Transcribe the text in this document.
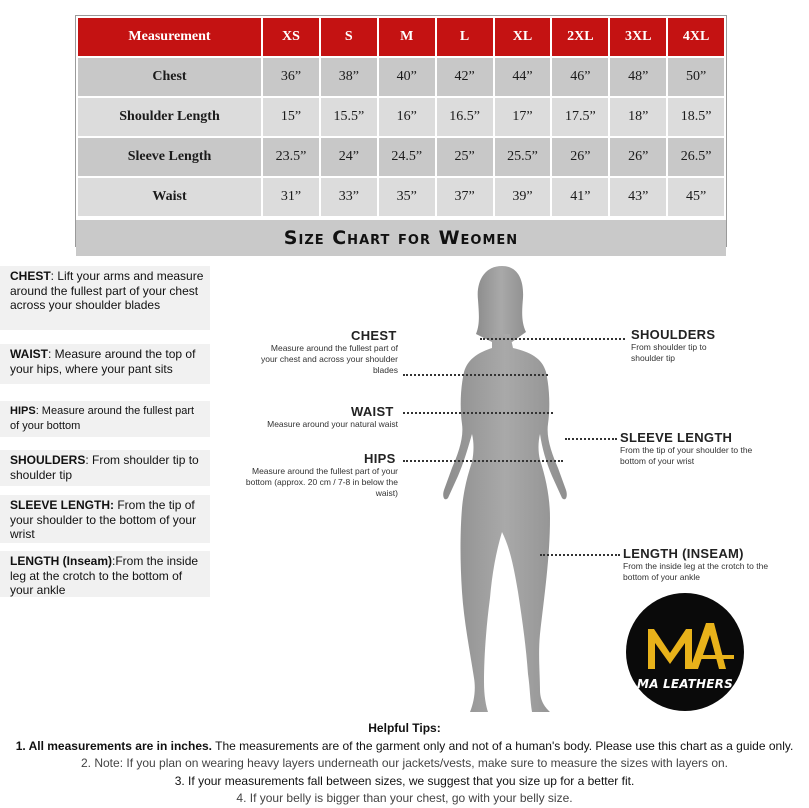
Measurement	XS	S	M	L	XL	2XL	3XL	4XL
Chest	36”	38”	40”	42”	44”	46”	48”	50”
Shoulder Length	15”	15.5”	16”	16.5”	17”	17.5”	18”	18.5”
Sleeve Length	23.5”	24”	24.5”	25”	25.5”	26”	26”	26.5”
Waist	31”	33”	35”	37”	39”	41”	43”	45”
Size Chart for Weomen
CHEST: Lift your arms and measure around the fullest part of your chest across your shoulder blades
WAIST: Measure around the top of your hips, where your pant sits
HIPS: Measure around the fullest part of your bottom
SHOULDERS: From shoulder tip to shoulder tip
SLEEVE LENGTH: From the tip of your shoulder to the bottom of your wrist
LENGTH (Inseam):From the inside leg at the crotch to the bottom of your ankle
CHEST
Measure around the fullest part of your chest and across your shoulder blades
WAIST
Measure around your natural waist
HIPS
Measure around the fullest part of your bottom (approx. 20 cm / 7-8 in below the waist)
SHOULDERS
From shoulder tip to shoulder tip
SLEEVE LENGTH
From the tip of your shoulder to the bottom of your wrist
LENGTH (INSEAM)
From the inside leg at the crotch to the bottom of your ankle
MA LEATHERS
Helpful Tips:
1. All measurements are in inches. The measurements are of the garment only and not of a human's body. Please use this chart as a guide only.
2. Note: If you plan on wearing heavy layers underneath our jackets/vests, make sure to measure the sizes with layers on.
3. If your measurements fall between sizes, we suggest that you size up for a better fit.
4. If your belly is bigger than your chest, go with your belly size.
